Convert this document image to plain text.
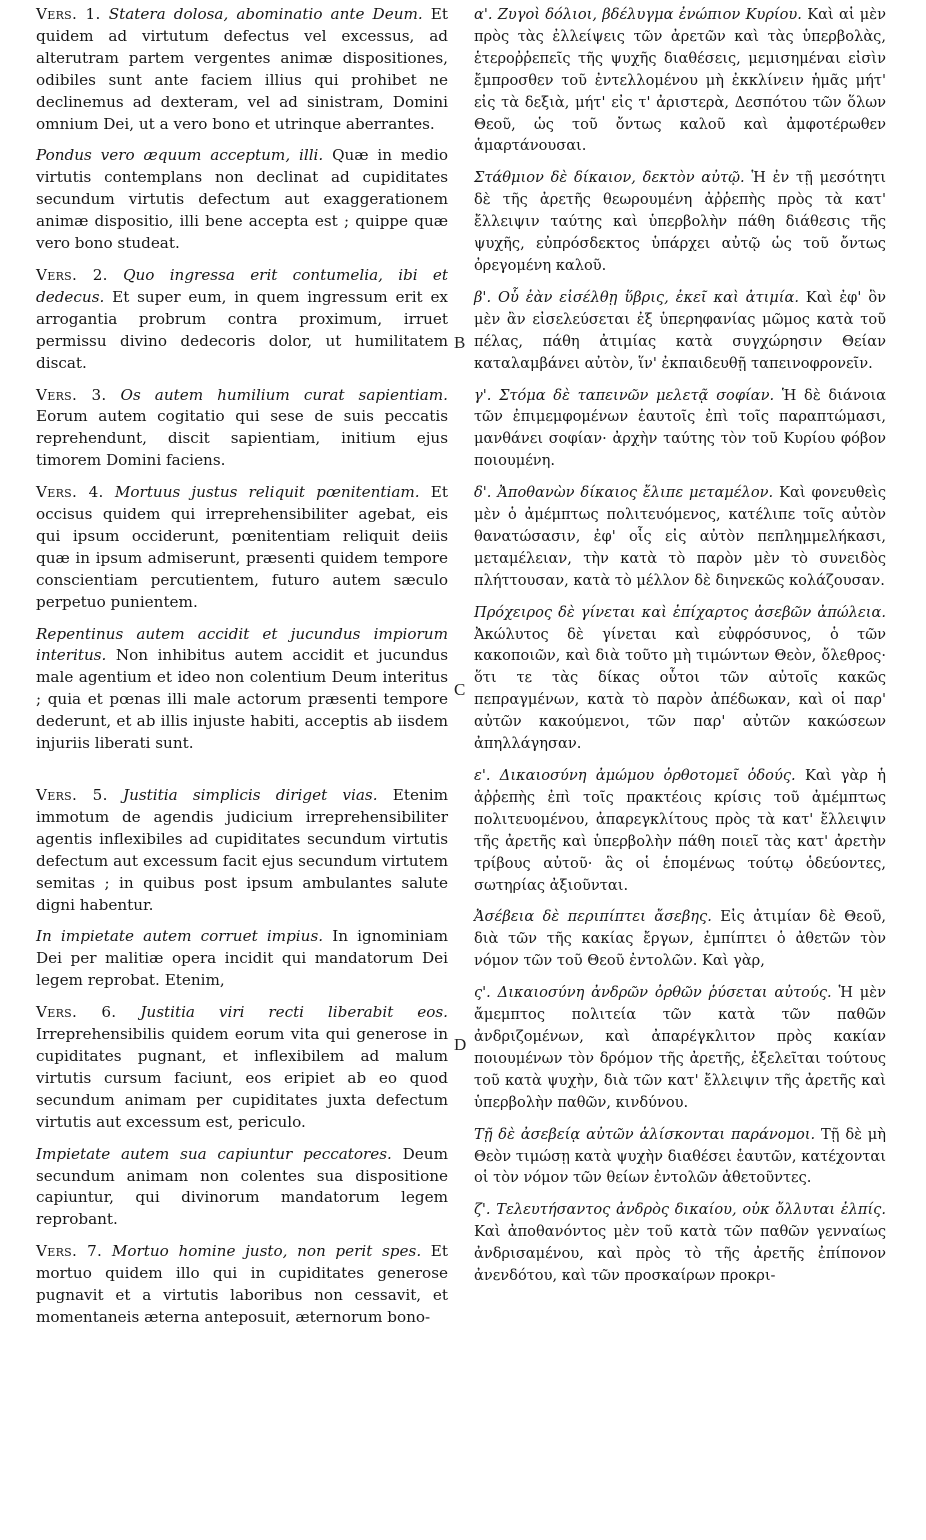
Vers. 1. Statera dolosa, abominatio ante Deum. Et quidem ad virtutum defectus vel excessus, ad alterutram partem vergentes animæ dispositiones, odibiles sunt ante faciem illius qui prohibet ne declinemus ad dexteram, vel ad sinistram, Domini omnium Dei, ut a vero bono et utrinque aberrantes.

Pondus vero æquum acceptum, illi. Quæ in medio virtutis contemplans non declinat ad cupiditates secundum virtutis defectum aut exaggerationem animæ dispositio, illi bene accepta est ; quippe quæ vero bono studeat.

Vers. 2. Quo ingressa erit contumelia, ibi et dedecus. Et super eum, in quem ingressum erit ex arrogantia probrum contra proximum, irruet permissu divino dedecoris dolor, ut humilitatem discat.

Vers. 3. Os autem humilium curat sapientiam. Eorum autem cogitatio qui sese de suis peccatis reprehendunt, discit sapientiam, initium ejus timorem Domini faciens.

Vers. 4. Mortuus justus reliquit pœnitentiam. Et occisus quidem qui irreprehensibiliter agebat, eis qui ipsum occiderunt, pœnitentiam reliquit deiis quæ in ipsum admiserunt, præsenti quidem tempore conscientiam percutientem, futuro autem sæculo perpetuo punientem.

Repentinus autem accidit et jucundus impiorum interitus. Non inhibitus autem accidit et jucundus male agentium et ideo non colentium Deum interitus ; quia et pœnas illi male actorum præsenti tempore dederunt, et ab illis injuste habiti, acceptis ab iisdem injuriis liberati sunt.

Vers. 5. Justitia simplicis diriget vias. Etenim immotum de agendis judicium irreprehensibiliter agentis inflexibiles ad cupiditates secundum virtutis defectum aut excessum facit ejus secundum virtutem semitas ; in quibus post ipsum ambulantes salute digni habentur.

In impietate autem corruet impius. In ignominiam Dei per malitiæ opera incidit qui mandatorum Dei legem reprobat. Etenim,

Vers. 6. Justitia viri recti liberabit eos. Irreprehensibilis quidem eorum vita qui generose in cupiditates pugnant, et inflexibilem ad malum virtutis cursum faciunt, eos eripiet ab eo quod secundum animam per cupiditates juxta defectum virtutis aut excessum est, periculo.

Impietate autem sua capiuntur peccatores. Deum secundum animam non colentes sua dispositione capiuntur, qui divinorum mandatorum legem reprobant.

Vers. 7. Mortuo homine justo, non perit spes. Et mortuo quidem illo qui in cupiditates generose pugnavit et a virtutis laboribus non cessavit, et momentaneis æterna anteposuit, æternorum bono-

B
C
D

α'. Ζυγοὶ δόλιοι, βδέλυγμα ἐνώπιον Κυρίου. Καὶ αἱ μὲν πρὸς τὰς ἐλλείψεις τῶν ἀρετῶν καὶ τὰς ὑπερβολὰς, ἑτεροῤῥεπεῖς τῆς ψυχῆς διαθέσεις, μεμισημέναι εἰσὶν ἔμπροσθεν τοῦ ἐντελλομένου μὴ ἐκκλίνειν ἡμᾶς μήτ' εἰς τὰ δεξιὰ, μήτ' εἰς τ' ἀριστερὰ, Δεσπότου τῶν ὅλων Θεοῦ, ὡς τοῦ ὄντως καλοῦ καὶ ἀμφοτέρωθεν ἁμαρτάνουσαι.

Στάθμιον δὲ δίκαιον, δεκτὸν αὐτῷ. Ἡ ἐν τῇ μεσότητι δὲ τῆς ἀρετῆς θεωρουμένη ἀῤῥεπὴς πρὸς τὰ κατ' ἔλλειψιν ταύτης καὶ ὑπερβολὴν πάθη διάθεσις τῆς ψυχῆς, εὐπρόσδεκτος ὑπάρχει αὐτῷ ὡς τοῦ ὄντως ὀρεγομένη καλοῦ.

β'. Οὗ ἐὰν εἰσέλθῃ ὕβρις, ἐκεῖ καὶ ἀτιμία. Καὶ ἐφ' ὃν μὲν ἂν εἰσελεύσεται ἐξ ὑπερηφανίας μῶμος κατὰ τοῦ πέλας, πάθη ἀτιμίας κατὰ συγχώρησιν Θείαν καταλαμβάνει αὐτὸν, ἵν' ἐκπαιδευθῇ ταπεινοφρονεῖν.

γ'. Στόμα δὲ ταπεινῶν μελετᾷ σοφίαν. Ἡ δὲ διάνοια τῶν ἐπιμεμφομένων ἑαυτοῖς ἐπὶ τοῖς παραπτώμασι, μανθάνει σοφίαν· ἀρχὴν ταύτης τὸν τοῦ Κυρίου φόβον ποιουμένη.

δ'. Ἀποθανὼν δίκαιος ἔλιπε μεταμέλον. Καὶ φονευθεὶς μὲν ὁ ἀμέμπτως πολιτευόμενος, κατέλιπε τοῖς αὐτὸν θανατώσασιν, ἐφ' οἷς εἰς αὐτὸν πεπλημμελήκασι, μεταμέλειαν, τὴν κατὰ τὸ παρὸν μὲν τὸ συνειδὸς πλήττουσαν, κατὰ τὸ μέλλον δὲ διηνεκῶς κολάζουσαν.

Πρόχειρος δὲ γίνεται καὶ ἐπίχαρτος ἀσεβῶν ἀπώλεια. Ἀκώλυτος δὲ γίνεται καὶ εὐφρόσυνος, ὁ τῶν κακοποιῶν, καὶ διὰ τοῦτο μὴ τιμώντων Θεὸν, ὄλεθρος· ὅτι τε τὰς δίκας οὗτοι τῶν αὐτοῖς κακῶς πεπραγμένων, κατὰ τὸ παρὸν ἀπέδωκαν, καὶ οἱ παρ' αὐτῶν κακούμενοι, τῶν παρ' αὐτῶν κακώσεων ἀπηλλάγησαν.

ε'. Δικαιοσύνη ἀμώμου ὀρθοτομεῖ ὁδούς. Καὶ γὰρ ἡ ἀῤῥεπὴς ἐπὶ τοῖς πρακτέοις κρίσις τοῦ ἀμέμπτως πολιτευομένου, ἀπαρεγκλίτους πρὸς τὰ κατ' ἔλλειψιν τῆς ἀρετῆς καὶ ὑπερβολὴν πάθη ποιεῖ τὰς κατ' ἀρετὴν τρίβους αὐτοῦ· ἃς οἱ ἑπομένως τούτῳ ὁδεύοντες, σωτηρίας ἀξιοῦνται.

Ἀσέβεια δὲ περιπίπτει ἄσεβης. Εἰς ἀτιμίαν δὲ Θεοῦ, διὰ τῶν τῆς κακίας ἔργων, ἐμπίπτει ὁ ἀθετῶν τὸν νόμον τῶν τοῦ Θεοῦ ἐντολῶν. Καὶ γὰρ,

ς'. Δικαιοσύνη ἀνδρῶν ὀρθῶν ῥύσεται αὐτούς. Ἡ μὲν ἄμεμπτος πολιτεία τῶν κατὰ τῶν παθῶν ἀνδριζομένων, καὶ ἀπαρέγκλιτον πρὸς κακίαν ποιουμένων τὸν δρόμον τῆς ἀρετῆς, ἐξελεῖται τούτους τοῦ κατὰ ψυχὴν, διὰ τῶν κατ' ἔλλειψιν τῆς ἀρετῆς καὶ ὑπερβολὴν παθῶν, κινδύνου.

Τῇ δὲ ἀσεβείᾳ αὐτῶν ἁλίσκονται παράνομοι. Τῇ δὲ μὴ Θεὸν τιμώσῃ κατὰ ψυχὴν διαθέσει ἑαυτῶν, κατέχονται οἱ τὸν νόμον τῶν θείων ἐντολῶν ἀθετοῦντες.

ζ'. Τελευτήσαντος ἀνδρὸς δικαίου, οὐκ ὄλλυται ἐλπίς. Καὶ ἀποθανόντος μὲν τοῦ κατὰ τῶν παθῶν γενναίως ἀνδρισαμένου, καὶ πρὸς τὸ τῆς ἀρετῆς ἐπίπονον ἀνενδότου, καὶ τῶν πρoσκαίρων προκρι-
